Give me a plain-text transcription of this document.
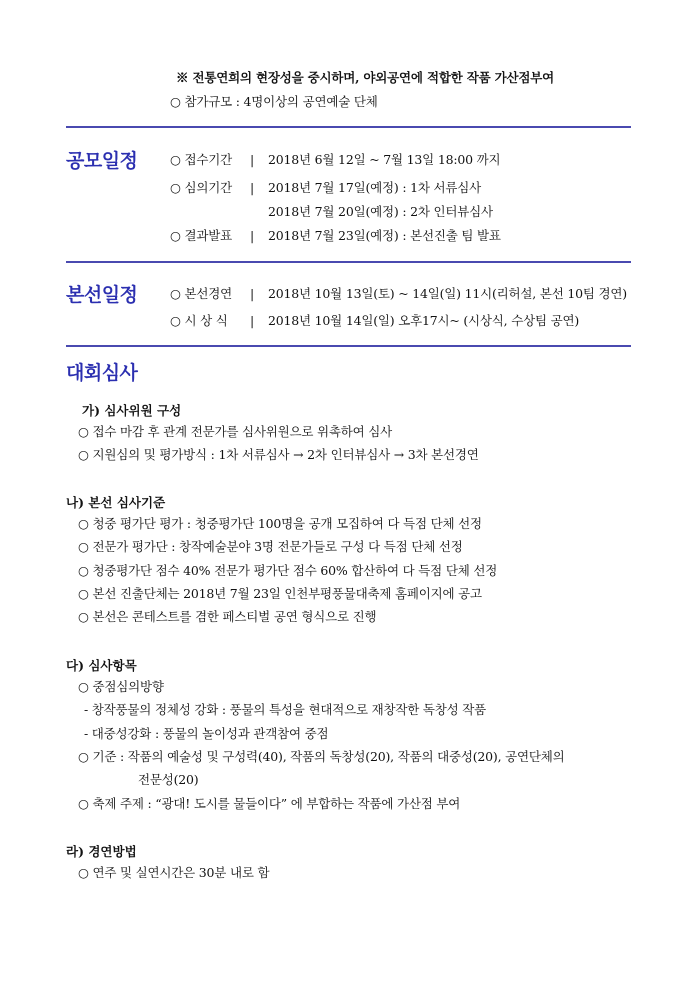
※ 전통연희의 현장성을 중시하며, 야외공연에 적합한 작품 가산점부여
○ 참가규모 : 4명이상의 공연예술 단체
공모일정	○ 접수기간 | 2018년 6월 12일 ~ 7월 13일 18:00 까지
○ 심의기간 | 2018년 7월 17일(예정) : 1차 서류심사
2018년 7월 20일(예정) : 2차 인터뷰심사
○ 결과발표 | 2018년 7월 23일(예정) : 본선진출 팀 발표
본선일정	○ 본선경연 | 2018년 10월 13일(토) ~ 14일(일) 11시(리허설, 본선 10팀 경연)
○ 시 상 식 | 2018년 10월 14일(일) 오후17시~ (시상식, 수상팀 공연)
대회심사
가) 심사위원 구성
○ 접수 마감 후 관계 전문가를 심사위원으로 위촉하여 심사
○ 지원심의 및 평가방식 : 1차 서류심사 → 2차 인터뷰심사 → 3차 본선경연
나) 본선 심사기준
○ 청중 평가단 평가 : 청중평가단 100명을 공개 모집하여 다 득점 단체 선정
○ 전문가 평가단 : 창작예술분야 3명 전문가들로 구성 다 득점 단체 선정
○ 청중평가단 점수 40% 전문가 평가단 점수 60% 합산하여 다 득점 단체 선정
○ 본선 진출단체는 2018년 7월 23일 인천부평풍물대축제 홈페이지에 공고
○ 본선은 콘테스트를 겸한 페스티벌 공연 형식으로 진행
다) 심사항목
○ 중점심의방향
- 창작풍물의 정체성 강화 : 풍물의 특성을 현대적으로 재창작한 독창성 작품
- 대중성강화 : 풍물의 놀이성과 관객참여 중점
○ 기준 : 작품의 예술성 및 구성력(40), 작품의 독창성(20), 작품의 대중성(20), 공연단체의
전문성(20)
○ 축제 주제 : “광대! 도시를 물들이다” 에 부합하는 작품에 가산점 부여
라) 경연방법
○ 연주 및 실연시간은 30분 내로 함
